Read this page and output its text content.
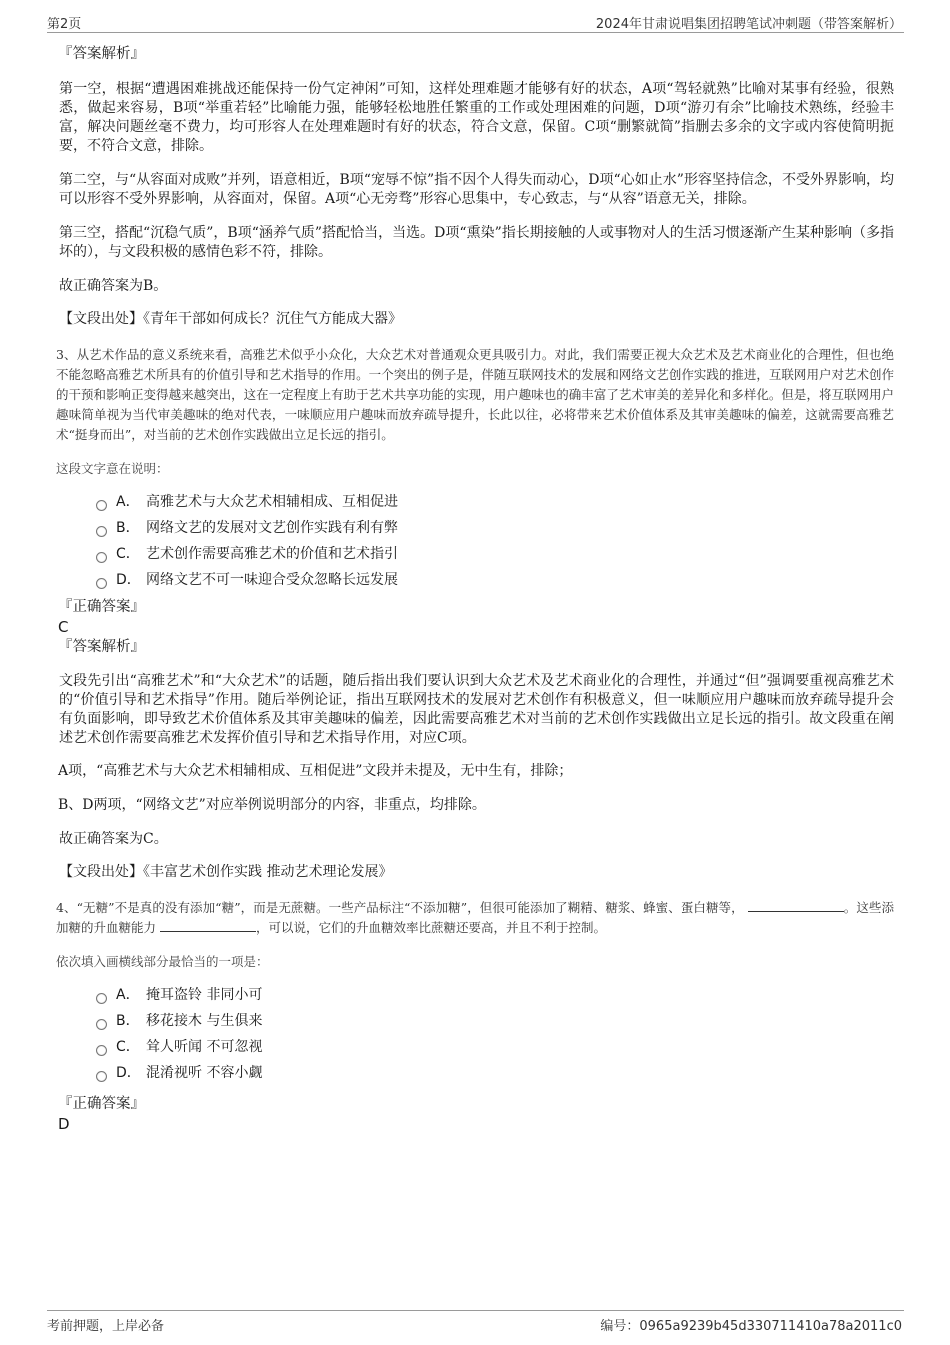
第2页	2024年甘肃说唱集团招聘笔试冲刺题（带答案解析）

『答案解析』

第一空，根据“遭遇困难挑战还能保持一份气定神闲”可知，这样处理难题才能够有好的状态，A项“驾轻就熟”比喻对某事有经验，很熟悉，做起来容易，B项“举重若轻”比喻能力强，能够轻松地胜任繁重的工作或处理困难的问题，D项“游刃有余”比喻技术熟练，经验丰富，解决问题丝毫不费力，均可形容人在处理难题时有好的状态，符合文意，保留。C项“删繁就简”指删去多余的文字或内容使简明扼要，不符合文意，排除。

第二空，与“从容面对成败”并列，语意相近，B项“宠辱不惊”指不因个人得失而动心，D项“心如止水”形容坚持信念，不受外界影响，均可以形容不受外界影响，从容面对，保留。A项“心无旁骛”形容心思集中，专心致志，与“从容”语意无关，排除。

第三空，搭配“沉稳气质”，B项“涵养气质”搭配恰当，当选。D项“熏染”指长期接触的人或事物对人的生活习惯逐渐产生某种影响（多指坏的），与文段积极的感情色彩不符，排除。

故正确答案为B。

【文段出处】《青年干部如何成长？沉住气方能成大器》

3、从艺术作品的意义系统来看，高雅艺术似乎小众化，大众艺术对普通观众更具吸引力。对此，我们需要正视大众艺术及艺术商业化的合理性，但也绝不能忽略高雅艺术所具有的价值引导和艺术指导的作用。一个突出的例子是，伴随互联网技术的发展和网络文艺创作实践的推进，互联网用户对艺术创作的干预和影响正变得越来越突出，这在一定程度上有助于艺术共享功能的实现，用户趣味也的确丰富了艺术审美的差异化和多样化。但是，将互联网用户趣味简单视为当代审美趣味的绝对代表，一味顺应用户趣味而放弃疏导提升，长此以往，必将带来艺术价值体系及其审美趣味的偏差，这就需要高雅艺术“挺身而出”，对当前的艺术创作实践做出立足长远的指引。

这段文字意在说明：

A． 高雅艺术与大众艺术相辅相成、互相促进
B． 网络文艺的发展对文艺创作实践有利有弊
C． 艺术创作需要高雅艺术的价值和艺术指引
D． 网络文艺不可一味迎合受众忽略长远发展

『正确答案』

C

『答案解析』

文段先引出“高雅艺术”和“大众艺术”的话题，随后指出我们要认识到大众艺术及艺术商业化的合理性，并通过“但”强调要重视高雅艺术的“价值引导和艺术指导”作用。随后举例论证，指出互联网技术的发展对艺术创作有积极意义，但一味顺应用户趣味而放弃疏导提升会有负面影响，即导致艺术价值体系及其审美趣味的偏差，因此需要高雅艺术对当前的艺术创作实践做出立足长远的指引。故文段重在阐述艺术创作需要高雅艺术发挥价值引导和艺术指导作用，对应C项。

A项，“高雅艺术与大众艺术相辅相成、互相促进”文段并未提及，无中生有，排除；

B、D两项，“网络文艺”对应举例说明部分的内容，非重点，均排除。

故正确答案为C。

【文段出处】《丰富艺术创作实践 推动艺术理论发展》

4、“无糖”不是真的没有添加“糖”，而是无蔗糖。一些产品标注“不添加糖”，但很可能添加了糊精、糖浆、蜂蜜、蛋白糖等，	。这些添加糖的升血糖能力	，可以说，它们的升血糖效率比蔗糖还要高，并且不利于控制。

依次填入画横线部分最恰当的一项是：

A． 掩耳盗铃 非同小可
B． 移花接木 与生俱来
C． 耸人听闻 不可忽视
D． 混淆视听 不容小觑

『正确答案』

D

考前押题，上岸必备	编号：0965a9239b45d330711410a78a2011c0
